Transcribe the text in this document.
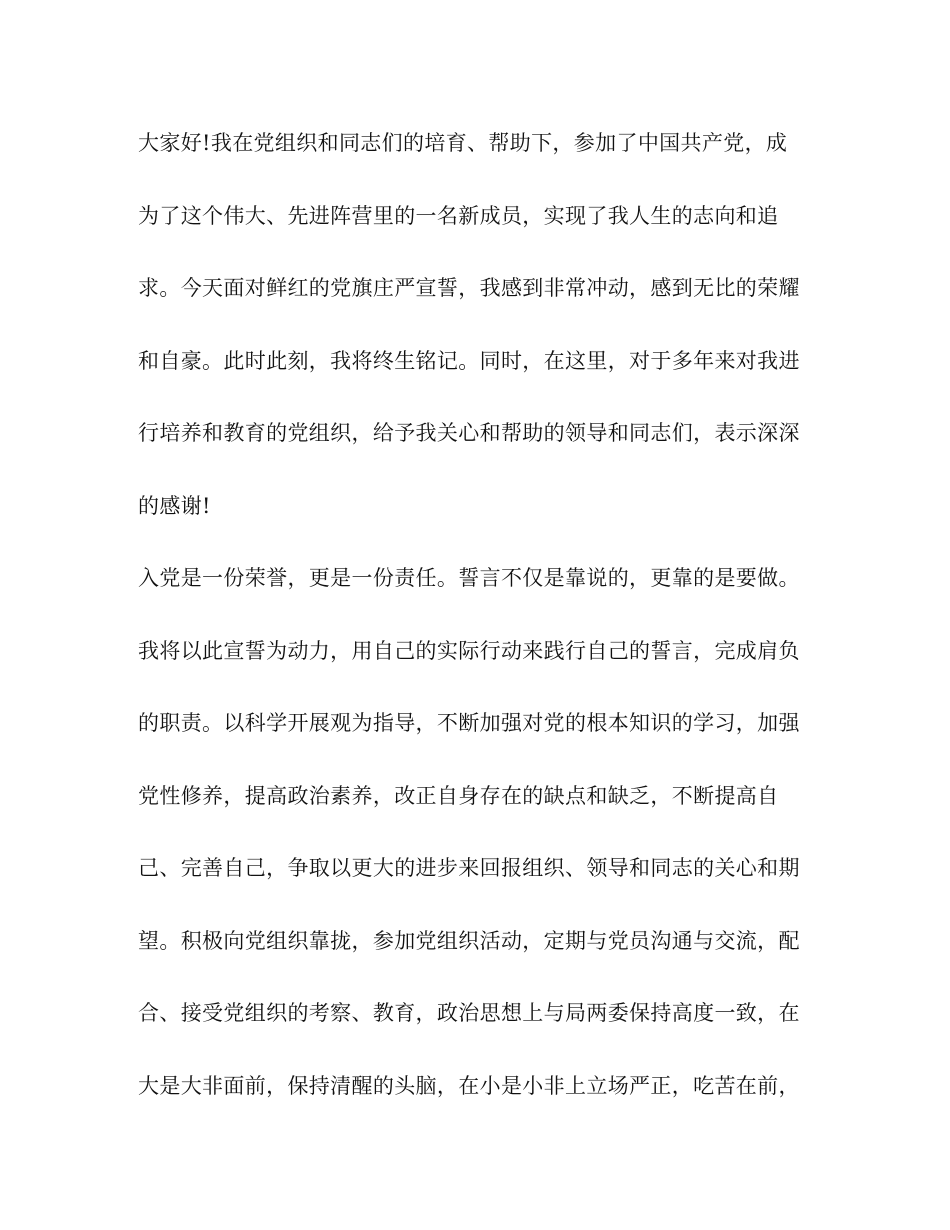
大家好!我在党组织和同志们的培育、帮助下，参加了中国共产党，成
为了这个伟大、先进阵营里的一名新成员，实现了我人生的志向和追
求。今天面对鲜红的党旗庄严宣誓，我感到非常冲动，感到无比的荣耀
和自豪。此时此刻，我将终生铭记。同时，在这里，对于多年来对我进
行培养和教育的党组织，给予我关心和帮助的领导和同志们，表示深深
的感谢!
入党是一份荣誉，更是一份责任。誓言不仅是靠说的，更靠的是要做。
我将以此宣誓为动力，用自己的实际行动来践行自己的誓言，完成肩负
的职责。以科学开展观为指导，不断加强对党的根本知识的学习，加强
党性修养，提高政治素养，改正自身存在的缺点和缺乏，不断提高自
己、完善自己，争取以更大的进步来回报组织、领导和同志的关心和期
望。积极向党组织靠拢，参加党组织活动，定期与党员沟通与交流，配
合、接受党组织的考察、教育，政治思想上与局两委保持高度一致，在
大是大非面前，保持清醒的头脑，在小是小非上立场严正，吃苦在前，
